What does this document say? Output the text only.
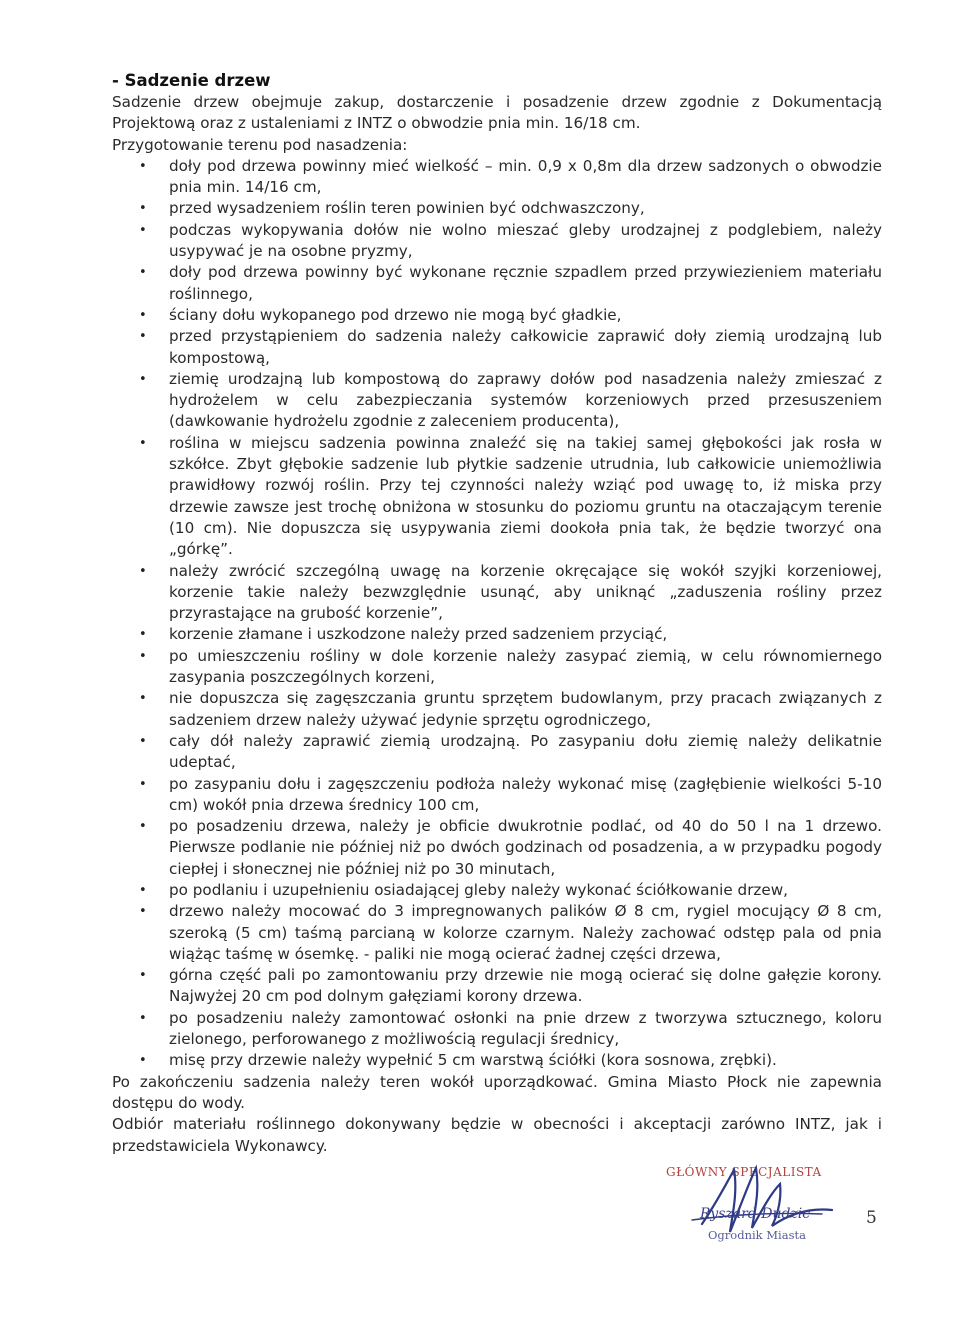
- Sadzenie drzew

Sadzenie drzew obejmuje zakup, dostarczenie i posadzenie drzew zgodnie z Dokumentacją Projektową oraz z ustaleniami z INTZ o obwodzie pnia min. 16/18 cm.

Przygotowanie terenu pod nasadzenia:

• doły pod drzewa powinny mieć wielkość – min. 0,9 x 0,8m dla drzew sadzonych o obwodzie pnia min. 14/16 cm,
• przed wysadzeniem roślin teren powinien być odchwaszczony,
• podczas wykopywania dołów nie wolno mieszać gleby urodzajnej z podglebiem, należy usypywać je na osobne pryzmy,
• doły pod drzewa powinny być wykonane ręcznie szpadlem przed przywiezieniem materiału roślinnego,
• ściany dołu wykopanego pod drzewo nie mogą być gładkie,
• przed przystąpieniem do sadzenia należy całkowicie zaprawić doły ziemią urodzajną lub kompostową,
• ziemię urodzajną lub kompostową do zaprawy dołów pod nasadzenia należy zmieszać z hydrożelem w celu zabezpieczania systemów korzeniowych przed przesuszeniem (dawkowanie hydrożelu zgodnie z zaleceniem producenta),
• roślina w miejscu sadzenia powinna znaleźć się na takiej samej głębokości jak rosła w szkółce. Zbyt głębokie sadzenie lub płytkie sadzenie utrudnia, lub całkowicie uniemożliwia prawidłowy rozwój roślin. Przy tej czynności należy wziąć pod uwagę to, iż miska przy drzewie zawsze jest trochę obniżona w stosunku do poziomu gruntu na otaczającym terenie (10 cm). Nie dopuszcza się usypywania ziemi dookoła pnia tak, że będzie tworzyć ona „górkę”.
• należy zwrócić szczególną uwagę na korzenie okręcające się wokół szyjki korzeniowej, korzenie takie należy bezwzględnie usunąć, aby uniknąć „zaduszenia rośliny przez przyrastające na grubość korzenie”,
• korzenie złamane i uszkodzone należy przed sadzeniem przyciąć,
• po umieszczeniu rośliny w dole korzenie należy zasypać ziemią, w celu równomiernego zasypania poszczególnych korzeni,
• nie dopuszcza się zagęszczania gruntu sprzętem budowlanym, przy pracach związanych z sadzeniem drzew należy używać jedynie sprzętu ogrodniczego,
• cały dół należy zaprawić ziemią urodzajną. Po zasypaniu dołu ziemię należy delikatnie udeptać,
• po zasypaniu dołu i zagęszczeniu podłoża należy wykonać misę (zagłębienie wielkości 5-10 cm) wokół pnia drzewa średnicy 100 cm,
• po posadzeniu drzewa, należy je obficie dwukrotnie podlać, od 40 do 50 l na 1 drzewo. Pierwsze podlanie nie później niż po dwóch godzinach od posadzenia, a w przypadku pogody ciepłej i słonecznej nie później niż po 30 minutach,
• po podlaniu i uzupełnieniu osiadającej gleby należy wykonać ściółkowanie drzew,
• drzewo należy mocować do 3 impregnowanych palików Ø 8 cm, rygiel mocujący Ø 8 cm, szeroką (5 cm) taśmą parcianą w kolorze czarnym. Należy zachować odstęp pala od pnia wiążąc taśmę w ósemkę. - paliki nie mogą ocierać żadnej części drzewa,
• górna część pali po zamontowaniu przy drzewie nie mogą ocierać się dolne gałęzie korony. Najwyżej 20 cm pod dolnym gałęziami korony drzewa.
• po posadzeniu należy zamontować osłonki na pnie drzew z tworzywa sztucznego, koloru zielonego, perforowanego z możliwością regulacji średnicy,
• misę przy drzewie należy wypełnić 5 cm warstwą ściółki (kora sosnowa, zrębki).

Po zakończeniu sadzenia należy teren wokół uporządkować. Gmina Miasto Płock nie zapewnia dostępu do wody.

Odbiór materiału roślinnego dokonywany będzie w obecności i akceptacji zarówno INTZ, jak i przedstawiciela Wykonawcy.

GŁÓWNY SPECJALISTA
Ryszard Dudzic
Ogrodnik Miasta
5
